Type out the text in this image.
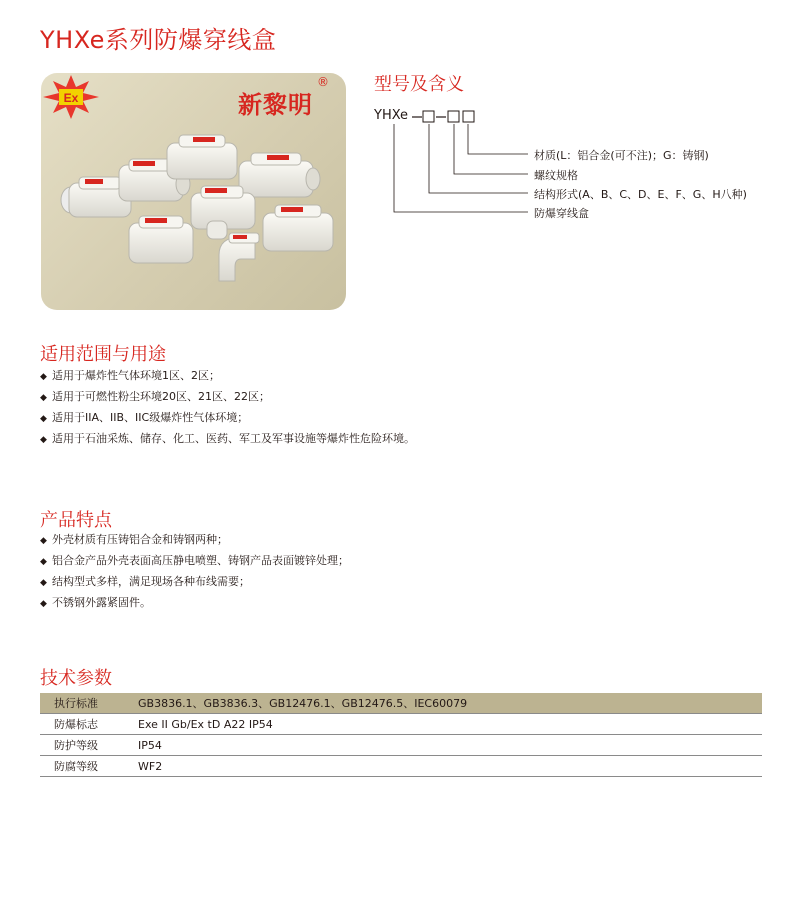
YHXe系列防爆穿线盒
Ex	新黎明
®	型号及含义
YHXe
材质(L：铝合金(可不注)；G：铸钢)
螺纹规格
结构形式(A、B、C、D、E、F、G、H八种)
防爆穿线盒
适用范围与用途
◆ 适用于爆炸性气体环境1区、2区；
◆ 适用于可燃性粉尘环境20区、21区、22区；
◆ 适用于IIA、IIB、IIC级爆炸性气体环境；
◆ 适用于石油采炼、储存、化工、医药、军工及军事设施等爆炸性危险环境。
产品特点
◆ 外壳材质有压铸铝合金和铸钢两种；
◆ 铝合金产品外壳表面高压静电喷塑、铸钢产品表面镀锌处理；
◆ 结构型式多样，满足现场各种布线需要；
◆ 不锈钢外露紧固件。
技术参数
执行标准	GB3836.1、GB3836.3、GB12476.1、GB12476.5、IEC60079
防爆标志	Exe II Gb/Ex tD A22 IP54
防护等级	IP54
防腐等级	WF2
